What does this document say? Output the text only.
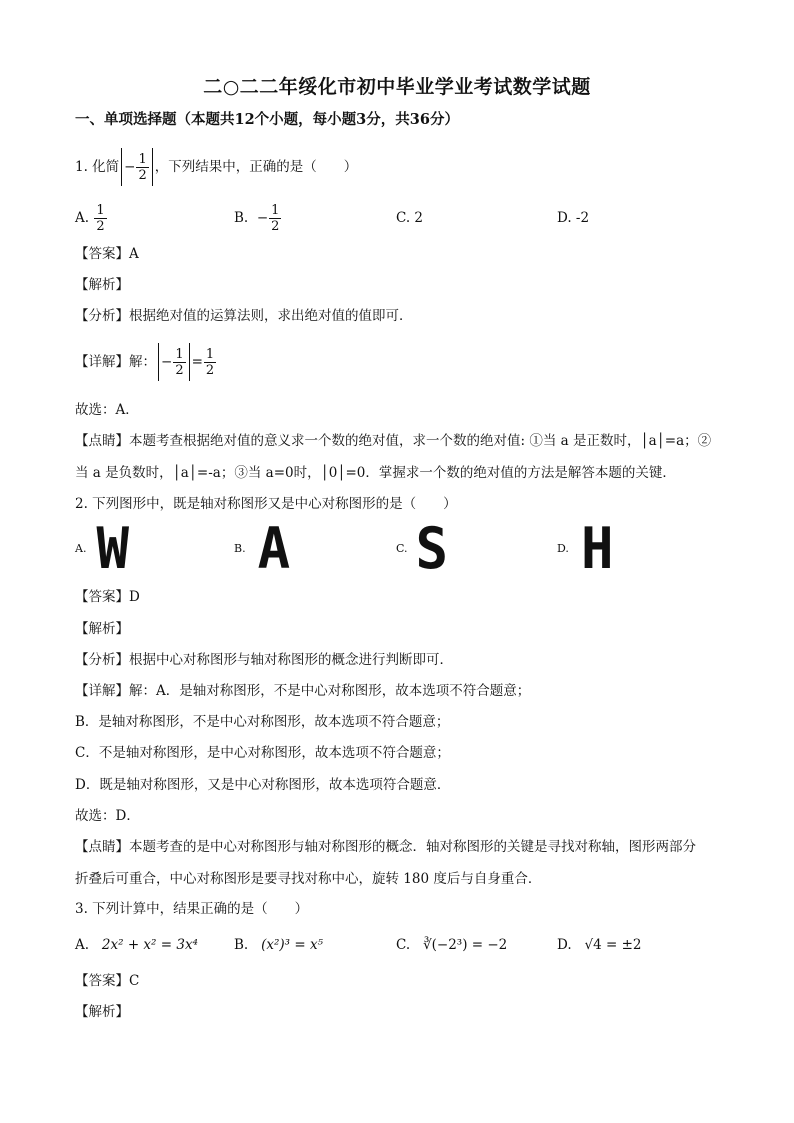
二○二二年绥化市初中毕业学业考试数学试题
一、单项选择题（本题共12个小题，每小题3分，共36分）
1. 化简 − $\frac{1}{2}$ ，下列结果中，正确的是（　　）
A.
$\frac{1}{2}$	B.
− $\frac{1}{2}$	C. 2	D. -2
【答案】A
【解析】
【分析】根据绝对值的运算法则，求出绝对值的值即可．
【详解】解： − $\frac{1}{2} = \frac{1}{2}$
故选：A．
【点睛】本题考查根据绝对值的意义求一个数的绝对值，求一个数的绝对值: ①当 a 是正数时，│a│=a；②
当 a 是负数时，│a│=-a；③当 a=0时，│0│=0．掌握求一个数的绝对值的方法是解答本题的关键．
2. 下列图形中，既是轴对称图形又是中心对称图形的是（　　）
A. W	B. A	C. S	D. H
【答案】D
【解析】
【分析】根据中心对称图形与轴对称图形的概念进行判断即可．
【详解】解：A．是轴对称图形，不是中心对称图形，故本选项不符合题意；
B．是轴对称图形，不是中心对称图形，故本选项不符合题意；
C．不是轴对称图形，是中心对称图形，故本选项不符合题意；
D．既是轴对称图形，又是中心对称图形，故本选项符合题意．
故选：D．
【点睛】本题考查的是中心对称图形与轴对称图形的概念．轴对称图形的关键是寻找对称轴，图形两部分
折叠后可重合，中心对称图形是要寻找对称中心，旋转 180 度后与自身重合．
3. 下列计算中，结果正确的是（　　）
A. 2x² + x² = 3x⁴	B. (x²)³ = x⁵	C. ∛(−2³) = −2	D. √4 = ±2
【答案】C
【解析】
